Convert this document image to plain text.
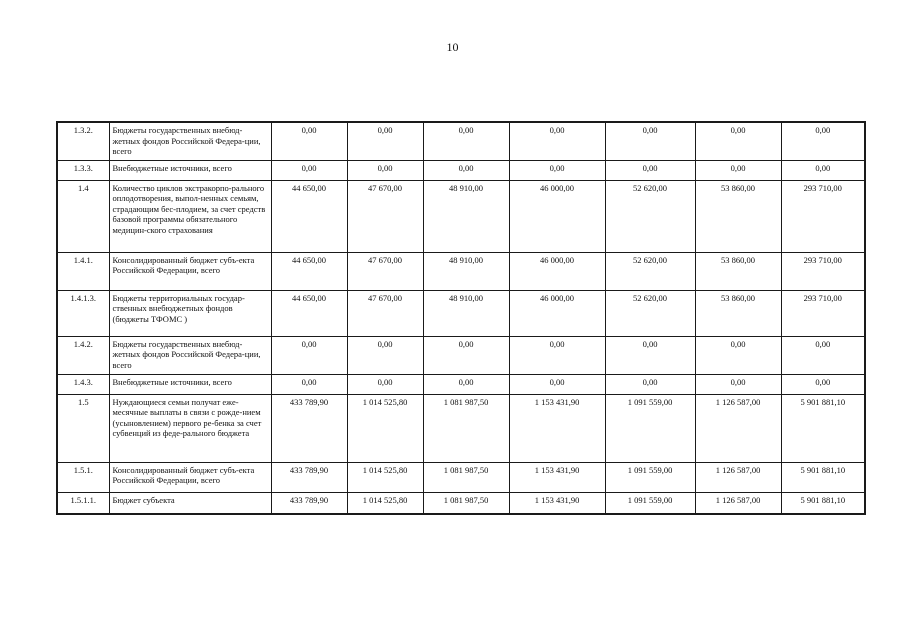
10
1.3.2.	Бюджеты государственных внебюд-жетных фондов Российской Федера-ции, всего	0,00	0,00	0,00	0,00	0,00	0,00	0,00
1.3.3.	Внебюджетные источники, всего	0,00	0,00	0,00	0,00	0,00	0,00	0,00
1.4	Количество циклов экстракорпо-рального оплодотворения, выпол-ненных семьям, страдающим бес-плодием, за счет средств базовой программы обязательного медицин-ского страхования	44 650,00	47 670,00	48 910,00	46 000,00	52 620,00	53 860,00	293 710,00
1.4.1.	Консолидированный бюджет субъ-екта Российской Федерации, всего	44 650,00	47 670,00	48 910,00	46 000,00	52 620,00	53 860,00	293 710,00
1.4.1.3.	Бюджеты территориальных государ-ственных внебюджетных фондов (бюджеты ТФОМС )	44 650,00	47 670,00	48 910,00	46 000,00	52 620,00	53 860,00	293 710,00
1.4.2.	Бюджеты государственных внебюд-жетных фондов Российской Федера-ции, всего	0,00	0,00	0,00	0,00	0,00	0,00	0,00
1.4.3.	Внебюджетные источники, всего	0,00	0,00	0,00	0,00	0,00	0,00	0,00
1.5	Нуждающиеся семьи получат еже-месячные выплаты в связи с рожде-нием (усыновлением) первого ре-бенка за счет субвенций из феде-рального бюджета	433 789,90	1 014 525,80	1 081 987,50	1 153 431,90	1 091 559,00	1 126 587,00	5 901 881,10
1.5.1.	Консолидированный бюджет субъ-екта Российской Федерации, всего	433 789,90	1 014 525,80	1 081 987,50	1 153 431,90	1 091 559,00	1 126 587,00	5 901 881,10
1.5.1.1.	Бюджет субъекта	433 789,90	1 014 525,80	1 081 987,50	1 153 431,90	1 091 559,00	1 126 587,00	5 901 881,10
